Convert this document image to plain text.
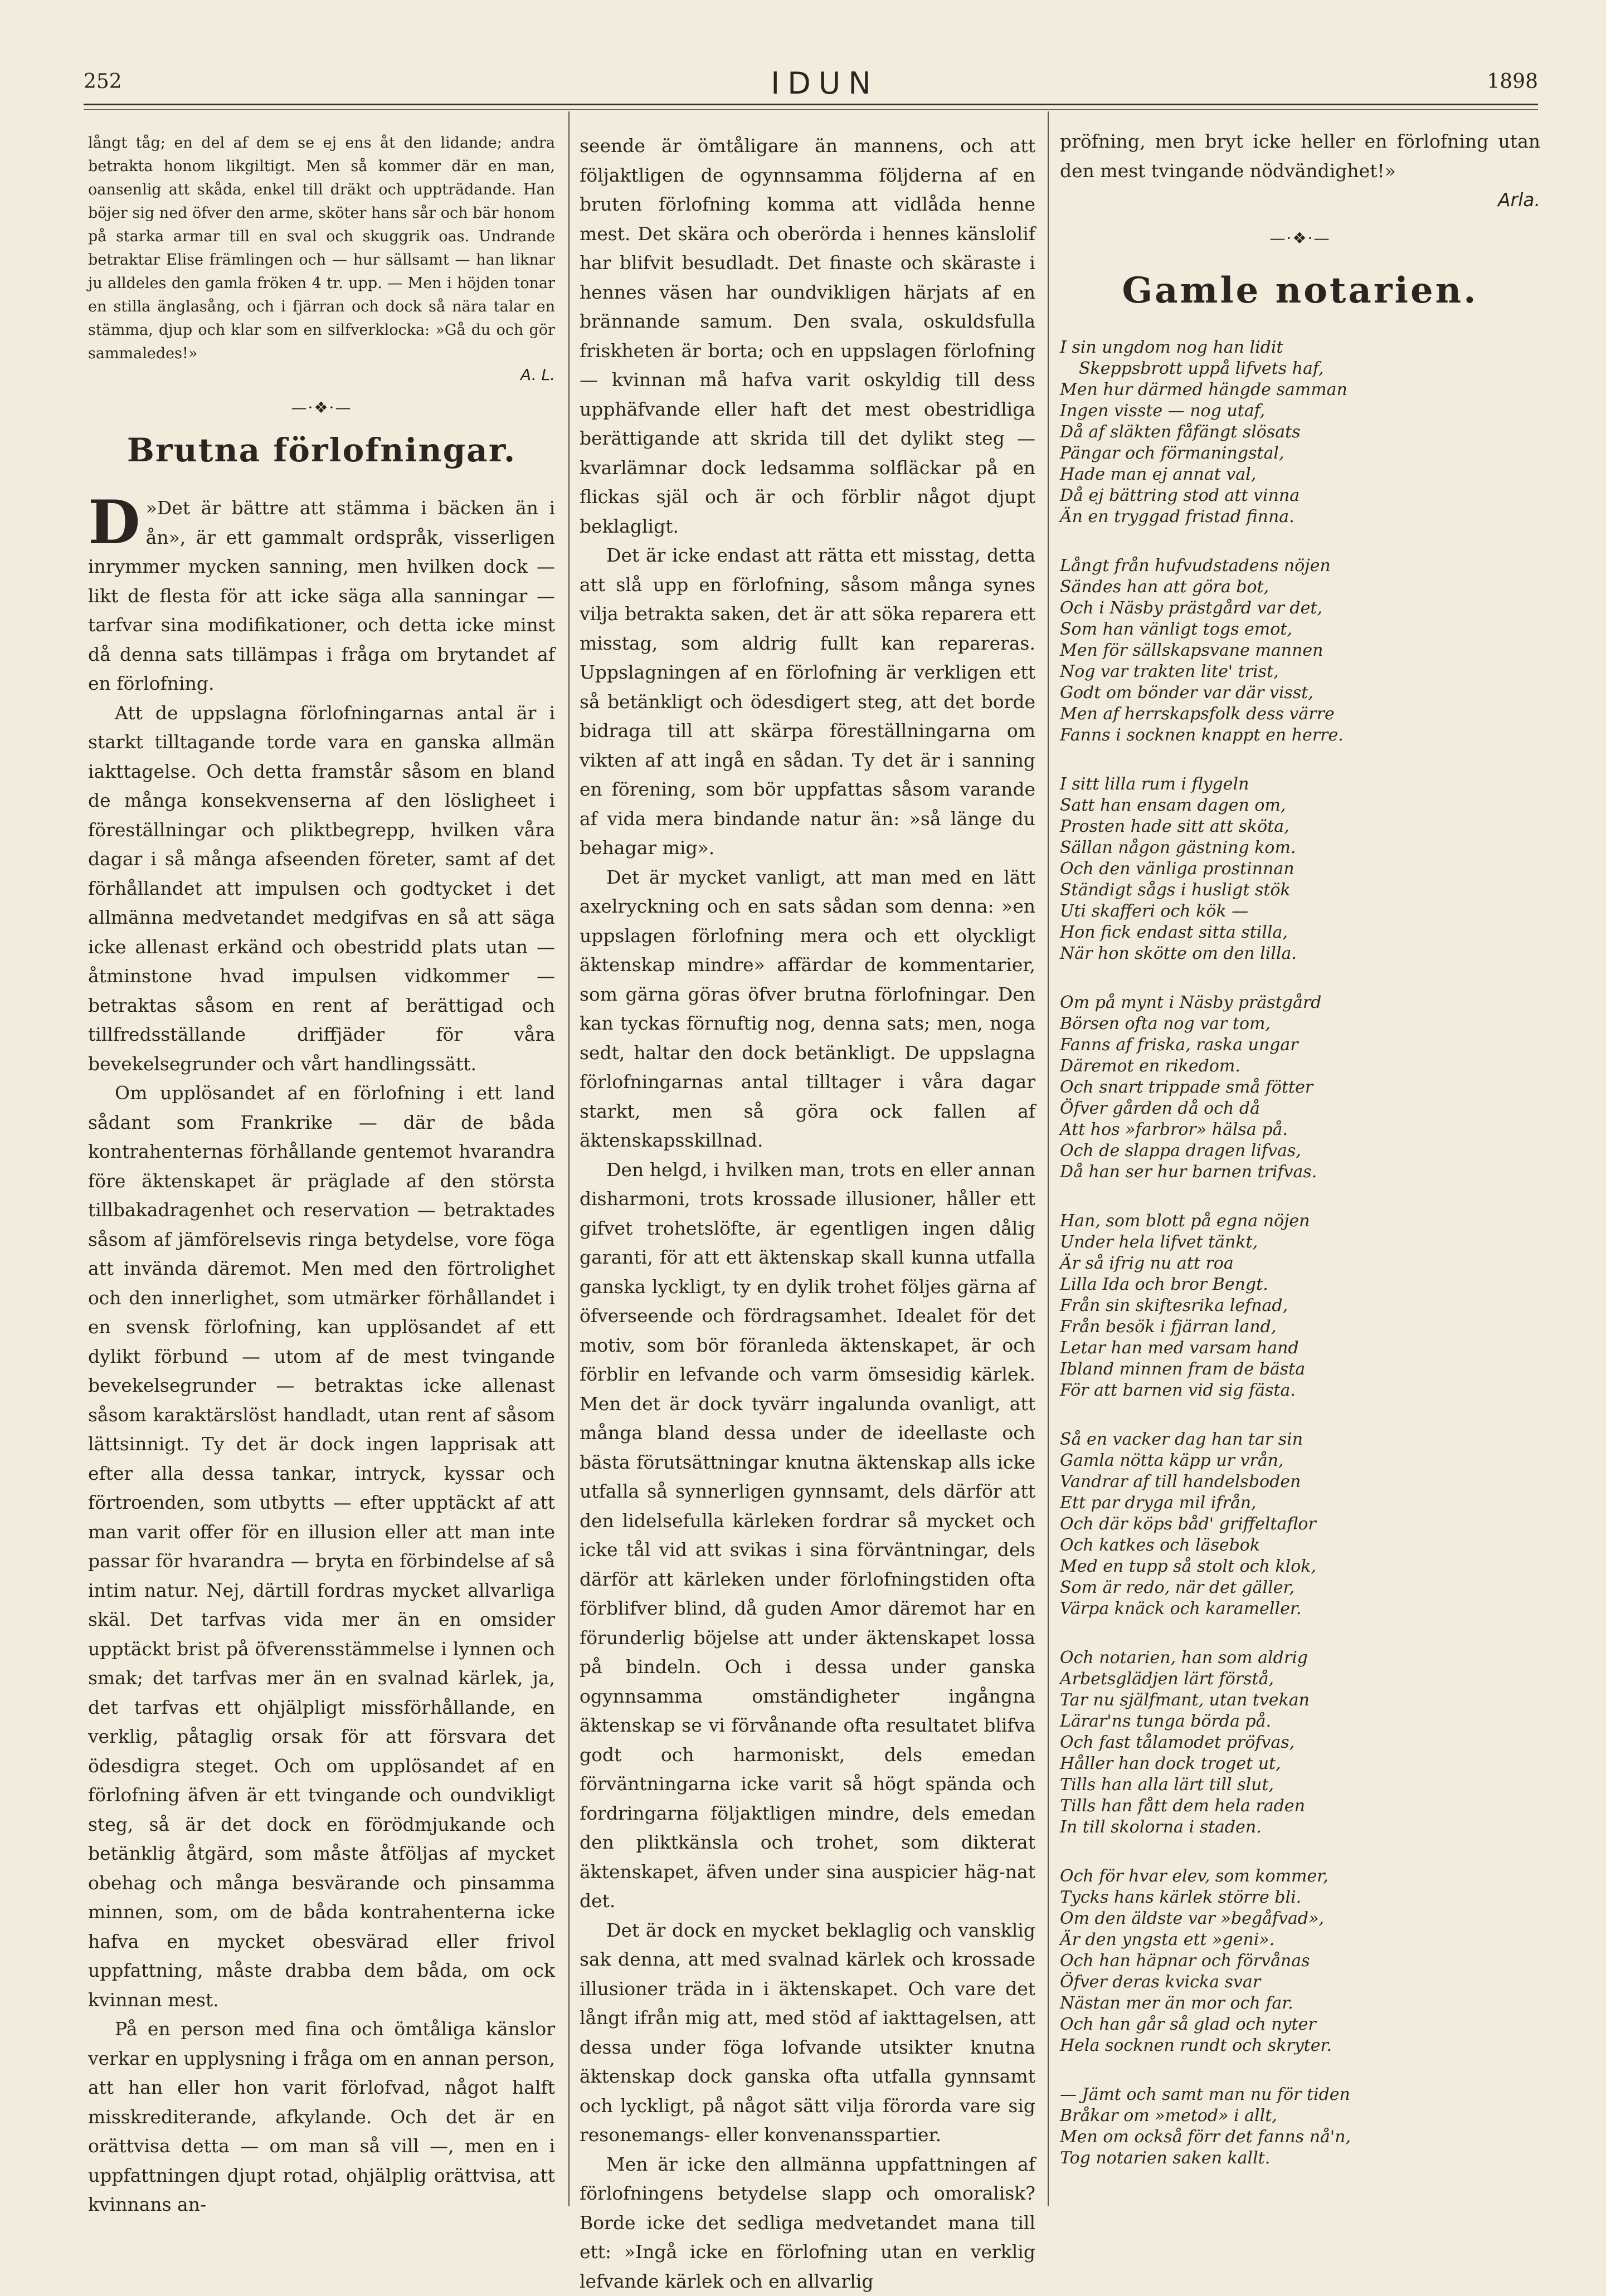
252	IDUN	1898

långt tåg; en del af dem se ej ens åt den lidande; andra betrakta honom likgiltigt. Men så kommer där en man, oansenlig att skåda, enkel till dräkt och uppträdande. Han böjer sig ned öfver den arme, sköter hans sår och bär honom på starka armar till en sval och skuggrik oas. Undrande betraktar Elise främlingen och — hur sällsamt — han liknar ju alldeles den gamla fröken 4 tr. upp. — Men i höjden tonar en stilla änglasång, och i fjärran och dock så nära talar en stämma, djup och klar som en silfverklocka: »Gå du och gör sammaledes!»

A. L.
—·❖·—
Brutna förlofningar.

D »Det är bättre att stämma i bäcken än i ån», är ett gammalt ordspråk, visserligen inrymmer mycken sanning, men hvilken dock — likt de flesta för att icke säga alla sanningar — tarfvar sina modifikationer, och detta icke minst då denna sats tillämpas i fråga om brytandet af en förlofning.

Att de uppslagna förlofningarnas antal är i starkt tilltagande torde vara en ganska allmän iakttagelse. Och detta framstår såsom en bland de många konsekvenserna af den lösligheet i föreställningar och pliktbegrepp, hvilken våra dagar i så många afseenden företer, samt af det förhållandet att impulsen och godtycket i det allmänna medvetandet medgifvas en så att säga icke allenast erkänd och obestridd plats utan — åtminstone hvad impulsen vidkommer — betraktas såsom en rent af berättigad och tillfredsställande driffjäder för våra bevekelsegrunder och vårt handlingssätt.

Om upplösandet af en förlofning i ett land sådant som Frankrike — där de båda kontrahenternas förhållande gentemot hvarandra före äktenskapet är präglade af den största tillbakadragenhet och reservation — betraktades såsom af jämförelsevis ringa betydelse, vore föga att invända däremot. Men med den förtrolighet och den innerlighet, som utmärker förhållandet i en svensk förlofning, kan upplösandet af ett dylikt förbund — utom af de mest tvingande bevekelsegrunder — betraktas icke allenast såsom karaktärslöst handladt, utan rent af såsom lättsinnigt. Ty det är dock ingen lapprisak att efter alla dessa tankar, intryck, kyssar och förtroenden, som utbytts — efter upptäckt af att man varit offer för en illusion eller att man inte passar för hvarandra — bryta en förbindelse af så intim natur. Nej, därtill fordras mycket allvarliga skäl. Det tarfvas vida mer än en omsider upptäckt brist på öfverensstämmelse i lynnen och smak; det tarfvas mer än en svalnad kärlek, ja, det tarfvas ett ohjälpligt missförhållande, en verklig, påtaglig orsak för att försvara det ödesdigra steget. Och om upplösandet af en förlofning äfven är ett tvingande och oundvikligt steg, så är det dock en förödmjukande och betänklig åtgärd, som måste åtföljas af mycket obehag och många besvärande och pinsamma minnen, som, om de båda kontrahenterna icke hafva en mycket obesvärad eller frivol uppfattning, måste drabba dem båda, om ock kvinnan mest.

På en person med fina och ömtåliga känslor verkar en upplysning i fråga om en annan person, att han eller hon varit förlofvad, något halft misskrediterande, afkylande. Och det är en orättvisa detta — om man så vill —, men en i uppfattningen djupt rotad, ohjälplig orättvisa, att kvinnans an-

seende är ömtåligare än mannens, och att följaktligen de ogynnsamma följderna af en bruten förlofning komma att vidlåda henne mest. Det skära och oberörda i hennes känslolif har blifvit besudladt. Det finaste och skäraste i hennes väsen har oundvikligen härjats af en brännande samum. Den svala, oskuldsfulla friskheten är borta; och en uppslagen förlofning — kvinnan må hafva varit oskyldig till dess upphäfvande eller haft det mest obestridliga berättigande att skrida till det dylikt steg — kvarlämnar dock ledsamma solfläckar på en flickas själ och är och förblir något djupt beklagligt.

Det är icke endast att rätta ett misstag, detta att slå upp en förlofning, såsom många synes vilja betrakta saken, det är att söka reparera ett misstag, som aldrig fullt kan repareras. Uppslagningen af en förlofning är verkligen ett så betänkligt och ödesdigert steg, att det borde bidraga till att skärpa föreställningarna om vikten af att ingå en sådan. Ty det är i sanning en förening, som bör uppfattas såsom varande af vida mera bindande natur än: »så länge du behagar mig».

Det är mycket vanligt, att man med en lätt axelryckning och en sats sådan som denna: »en uppslagen förlofning mera och ett olyckligt äktenskap mindre» affärdar de kommentarier, som gärna göras öfver brutna förlofningar. Den kan tyckas förnuftig nog, denna sats; men, noga sedt, haltar den dock betänkligt. De uppslagna förlofningarnas antal tilltager i våra dagar starkt, men så göra ock fallen af äktenskapsskillnad.

Den helgd, i hvilken man, trots en eller annan disharmoni, trots krossade illusioner, håller ett gifvet trohetslöfte, är egentligen ingen dålig garanti, för att ett äktenskap skall kunna utfalla ganska lyckligt, ty en dylik trohet följes gärna af öfverseende och fördragsamhet. Idealet för det motiv, som bör föranleda äktenskapet, är och förblir en lefvande och varm ömsesidig kärlek. Men det är dock tyvärr ingalunda ovanligt, att många bland dessa under de ideellaste och bästa förutsättningar knutna äktenskap alls icke utfalla så synnerligen gynnsamt, dels därför att den lidelsefulla kärleken fordrar så mycket och icke tål vid att svikas i sina förväntningar, dels därför att kärleken under förlofningstiden ofta förblifver blind, då guden Amor däremot har en förunderlig böjelse att under äktenskapet lossa på bindeln. Och i dessa under ganska ogynnsamma omständigheter ingångna äktenskap se vi förvånande ofta resultatet blifva godt och harmoniskt, dels emedan förväntningarna icke varit så högt spända och fordringarna följaktligen mindre, dels emedan den pliktkänsla och trohet, som dikterat äktenskapet, äfven under sina auspicier häg-nat det.

Det är dock en mycket beklaglig och vansklig sak denna, att med svalnad kärlek och krossade illusioner träda in i äktenskapet. Och vare det långt ifrån mig att, med stöd af iakttagelsen, att dessa under föga lofvande utsikter knutna äktenskap dock ganska ofta utfalla gynnsamt och lyckligt, på något sätt vilja förorda vare sig resonemangs- eller konvenansspartier.

Men är icke den allmänna uppfattningen af förlofningens betydelse slapp och omoralisk? Borde icke det sedliga medvetandet mana till ett: »Ingå icke en förlofning utan en verklig lefvande kärlek och en allvarlig

pröfning, men bryt icke heller en förlofning utan den mest tvingande nödvändighet!»

Arla.
—·❖·—
Gamle notarien.
I sin ungdom nog han lidit
Skeppsbrott uppå lifvets haf,
Men hur därmed hängde samman
Ingen visste — nog utaf,
Då af släkten fåfängt slösats
Pängar och förmaningstal,
Hade man ej annat val,
Då ej bättring stod att vinna
Än en tryggad fristad finna.
Långt från hufvudstadens nöjen
Sändes han att göra bot,
Och i Näsby prästgård var det,
Som han vänligt togs emot,
Men för sällskapsvane mannen
Nog var trakten lite' trist,
Godt om bönder var där visst,
Men af herrskapsfolk dess värre
Fanns i socknen knappt en herre.
I sitt lilla rum i flygeln
Satt han ensam dagen om,
Prosten hade sitt att sköta,
Sällan någon gästning kom.
Och den vänliga prostinnan
Ständigt sågs i husligt stök
Uti skafferi och kök —
Hon fick endast sitta stilla,
När hon skötte om den lilla.
Om på mynt i Näsby prästgård
Börsen ofta nog var tom,
Fanns af friska, raska ungar
Däremot en rikedom.
Och snart trippade små fötter
Öfver gården då och då
Att hos »farbror» hälsa på.
Och de slappa dragen lifvas,
Då han ser hur barnen trifvas.
Han, som blott på egna nöjen
Under hela lifvet tänkt,
Är så ifrig nu att roa
Lilla Ida och bror Bengt.
Från sin skiftesrika lefnad,
Från besök i fjärran land,
Letar han med varsam hand
Ibland minnen fram de bästa
För att barnen vid sig fästa.
Så en vacker dag han tar sin
Gamla nötta käpp ur vrån,
Vandrar af till handelsboden
Ett par dryga mil ifrån,
Och där köps båd' griffeltaflor
Och katkes och läsebok
Med en tupp så stolt och klok,
Som är redo, när det gäller,
Värpa knäck och karameller.
Och notarien, han som aldrig
Arbetsglädjen lärt förstå,
Tar nu själfmant, utan tvekan
Lärar'ns tunga börda på.
Och fast tålamodet pröfvas,
Håller han dock troget ut,
Tills han alla lärt till slut,
Tills han fått dem hela raden
In till skolorna i staden.
Och för hvar elev, som kommer,
Tycks hans kärlek större bli.
Om den äldste var »begåfvad»,
Är den yngsta ett »geni».
Och han häpnar och förvånas
Öfver deras kvicka svar
Nästan mer än mor och far.
Och han går så glad och nyter
Hela socknen rundt och skryter.
— Jämt och samt man nu för tiden
Bråkar om »metod» i allt,
Men om också förr det fanns nå'n,
Tog notarien saken kallt.
